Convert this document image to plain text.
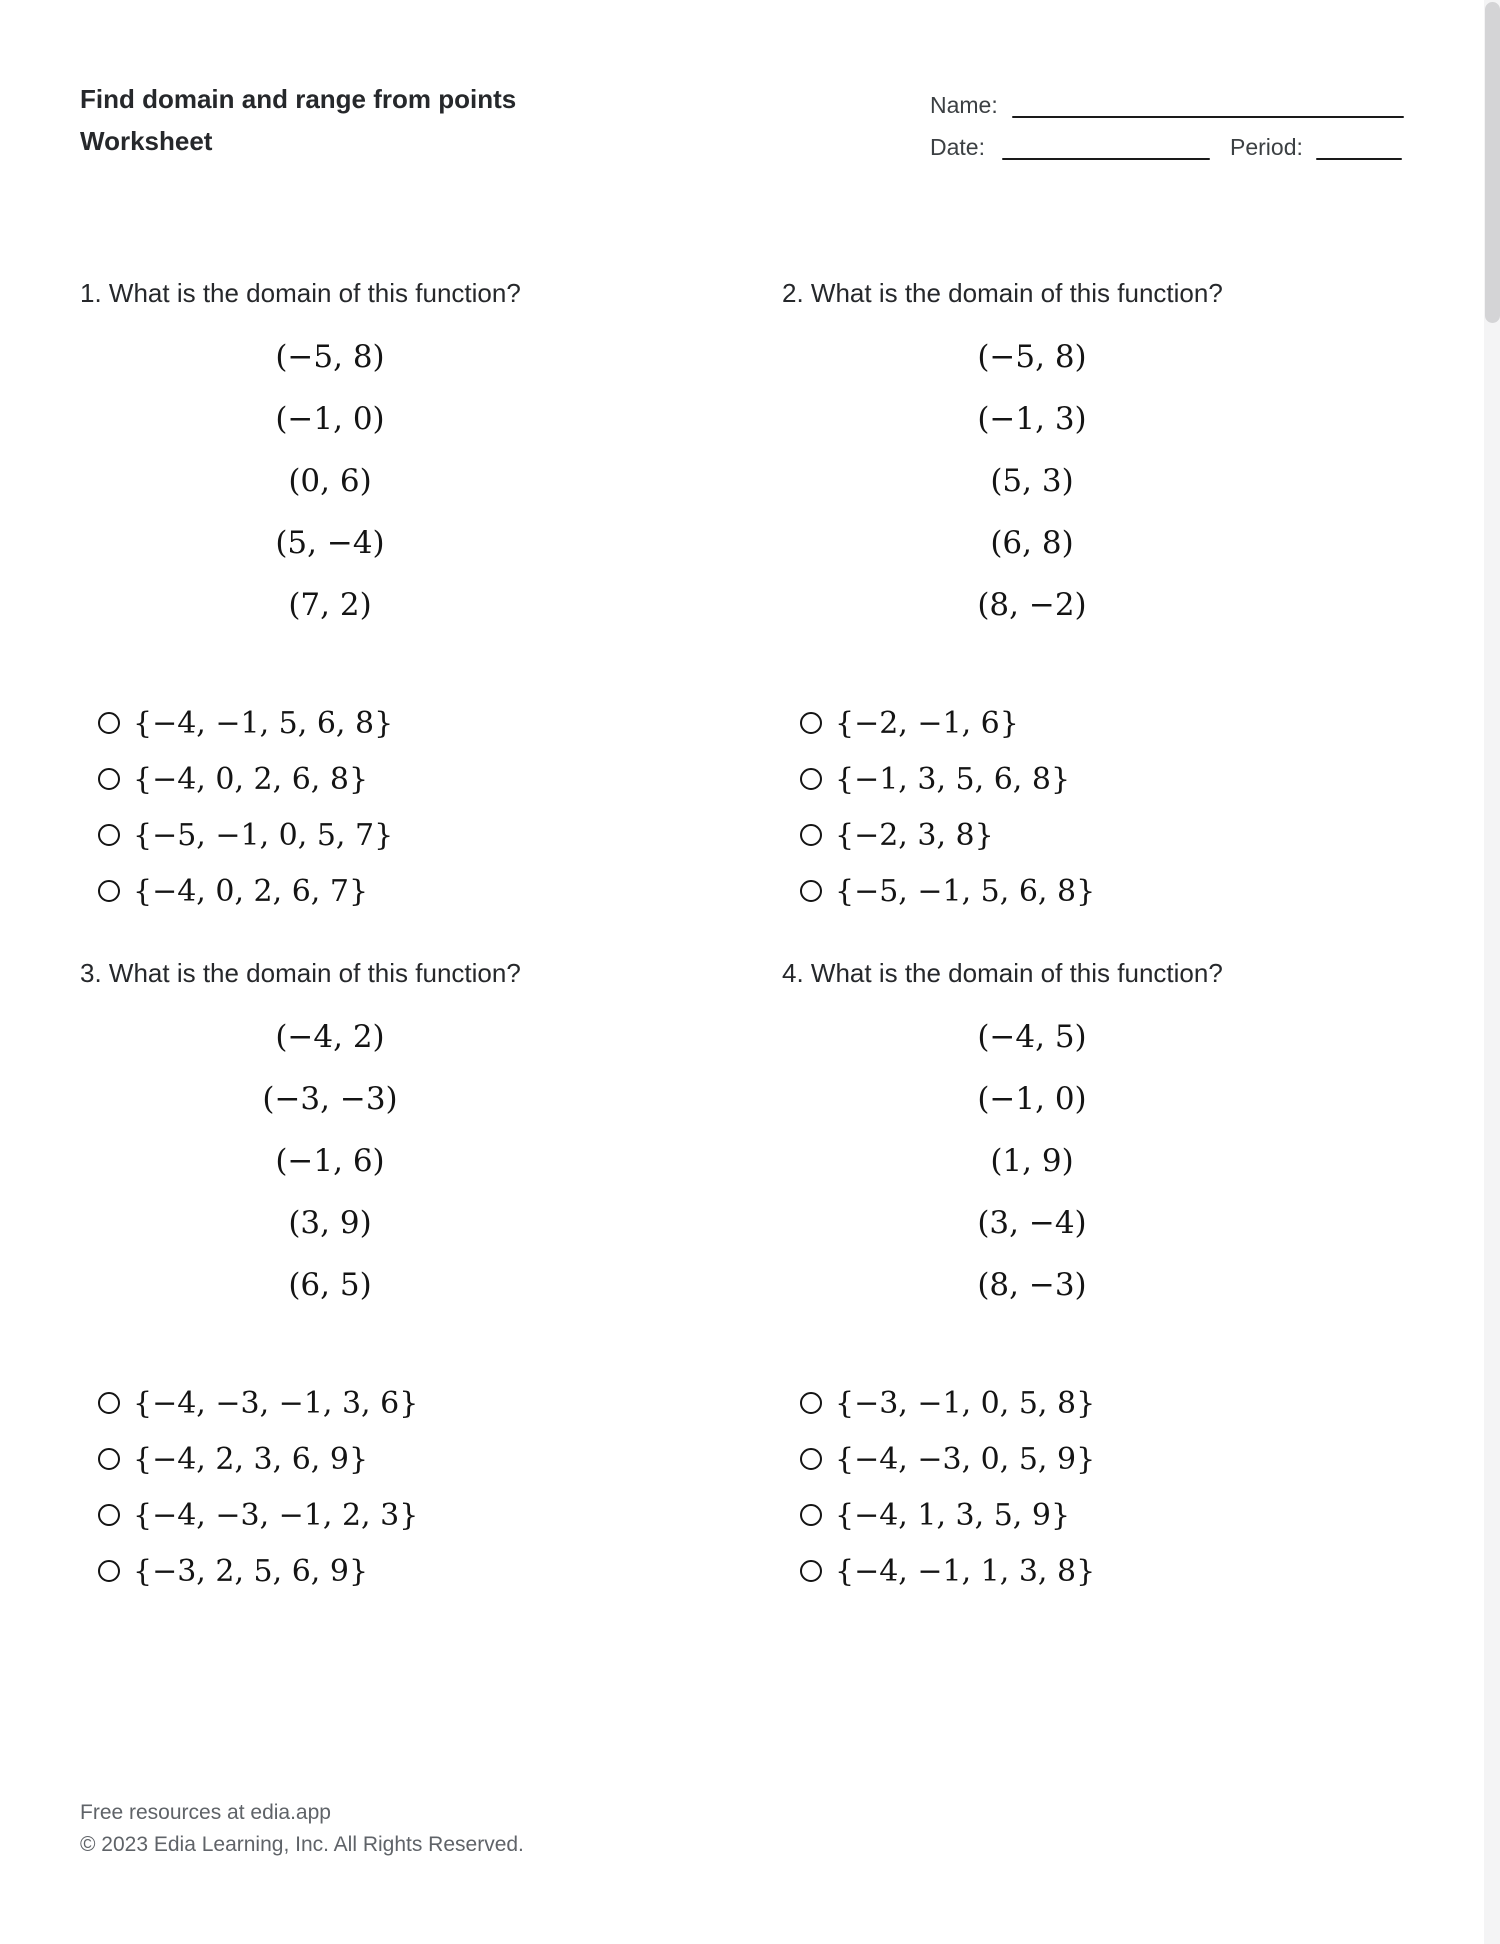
Find domain and range from points
Worksheet
Name:
Date:	Period:
1. What is the domain of this function?
(−5, 8)
(−1, 0)
(0, 6)
(5, −4)
(7, 2)
{−4, −1, 5, 6, 8}
{−4, 0, 2, 6, 8}
{−5, −1, 0, 5, 7}
{−4, 0, 2, 6, 7}
2. What is the domain of this function?
(−5, 8)
(−1, 3)
(5, 3)
(6, 8)
(8, −2)
{−2, −1, 6}
{−1, 3, 5, 6, 8}
{−2, 3, 8}
{−5, −1, 5, 6, 8}
3. What is the domain of this function?
(−4, 2)
(−3, −3)
(−1, 6)
(3, 9)
(6, 5)
{−4, −3, −1, 3, 6}
{−4, 2, 3, 6, 9}
{−4, −3, −1, 2, 3}
{−3, 2, 5, 6, 9}
4. What is the domain of this function?
(−4, 5)
(−1, 0)
(1, 9)
(3, −4)
(8, −3)
{−3, −1, 0, 5, 8}
{−4, −3, 0, 5, 9}
{−4, 1, 3, 5, 9}
{−4, −1, 1, 3, 8}
Free resources at edia.app
© 2023 Edia Learning, Inc. All Rights Reserved.
